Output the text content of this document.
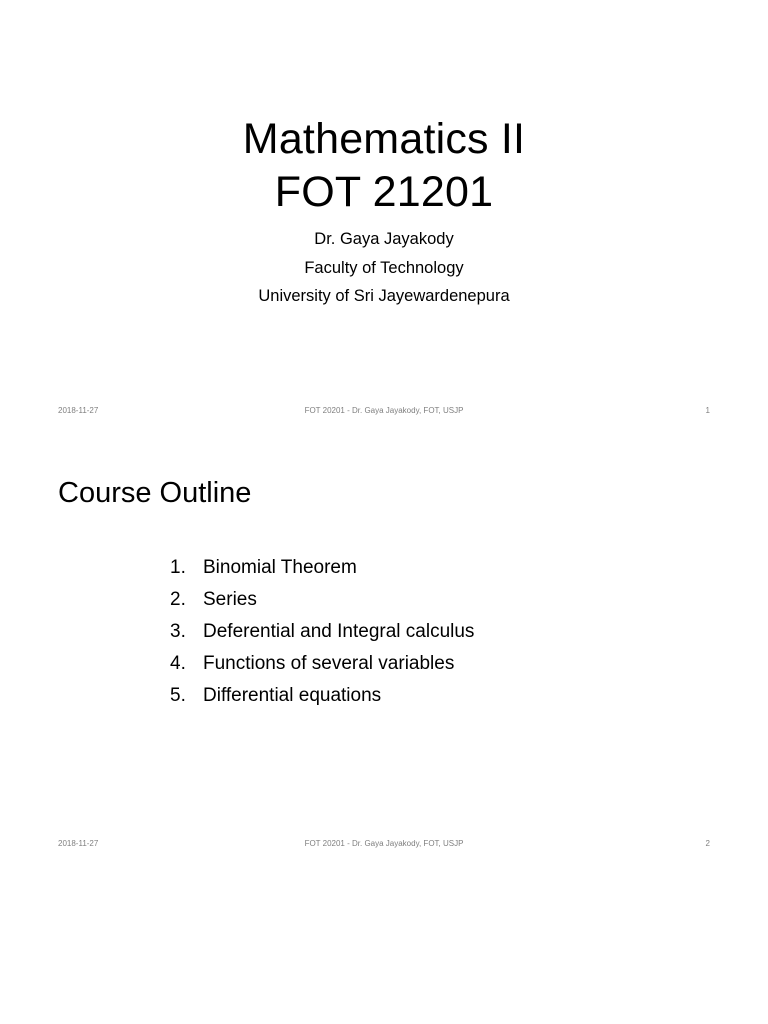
Mathematics II
FOT 21201

Dr. Gaya Jayakody

Faculty of Technology

University of Sri Jayewardenepura

2018-11-27	FOT 20201 - Dr. Gaya Jayakody, FOT, USJP	1
Course Outline
1. Binomial Theorem
2. Series
3. Deferential and Integral calculus
4. Functions of several variables
5. Differential equations
2018-11-27	FOT 20201 - Dr. Gaya Jayakody, FOT, USJP	2
